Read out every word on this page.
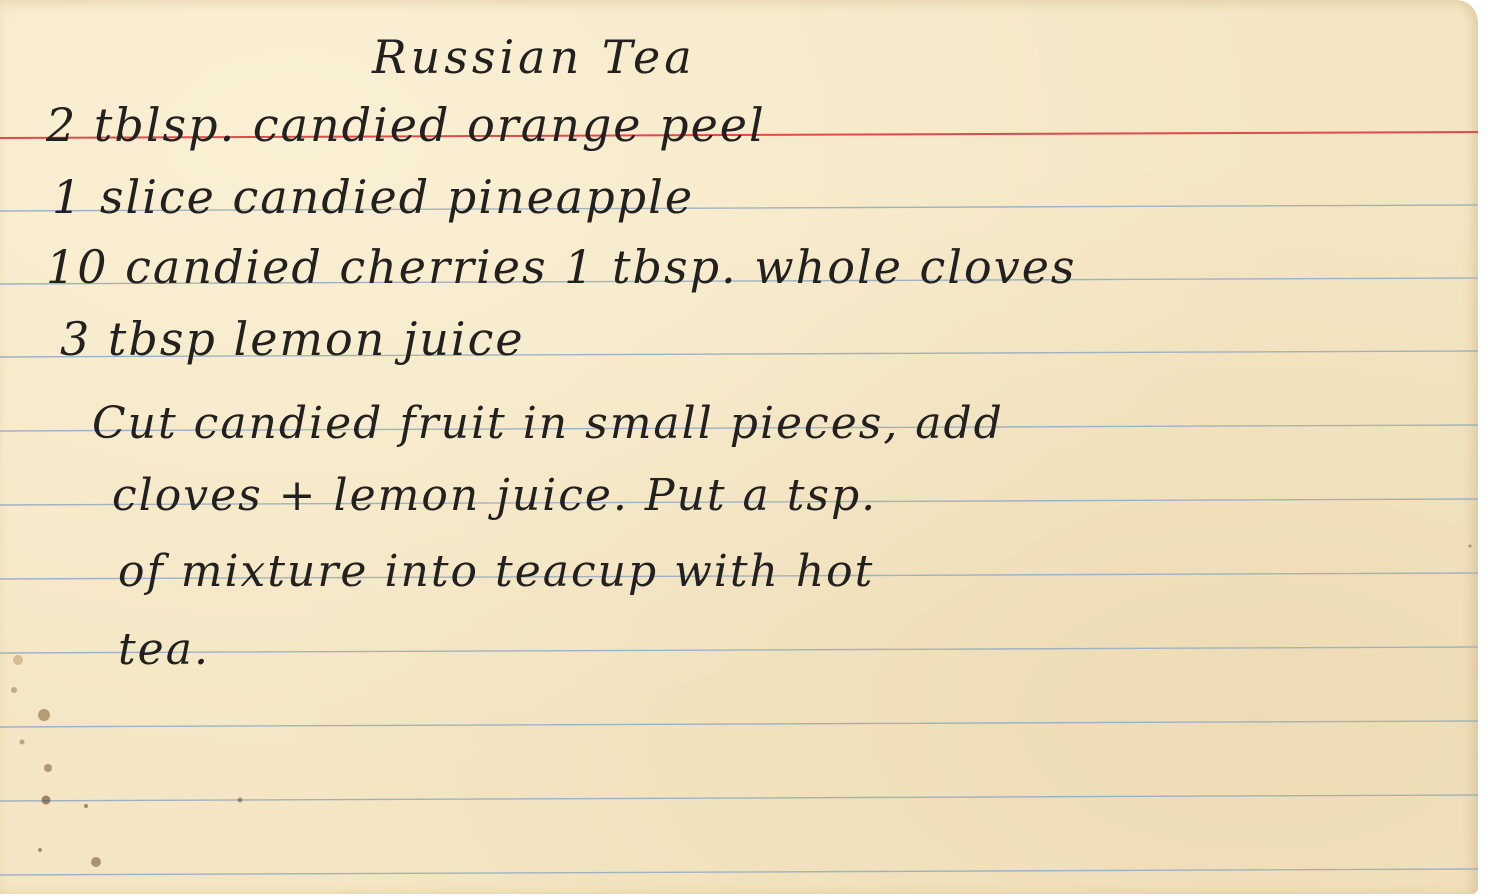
Russian Tea

2 tblsp. candied orange peel

1 slice candied pineapple

10 candied cherries 1 tbsp. whole cloves

3 tbsp lemon juice

Cut candied fruit in small pieces, add

cloves + lemon juice. Put a tsp.

of mixture into teacup with hot

tea.
